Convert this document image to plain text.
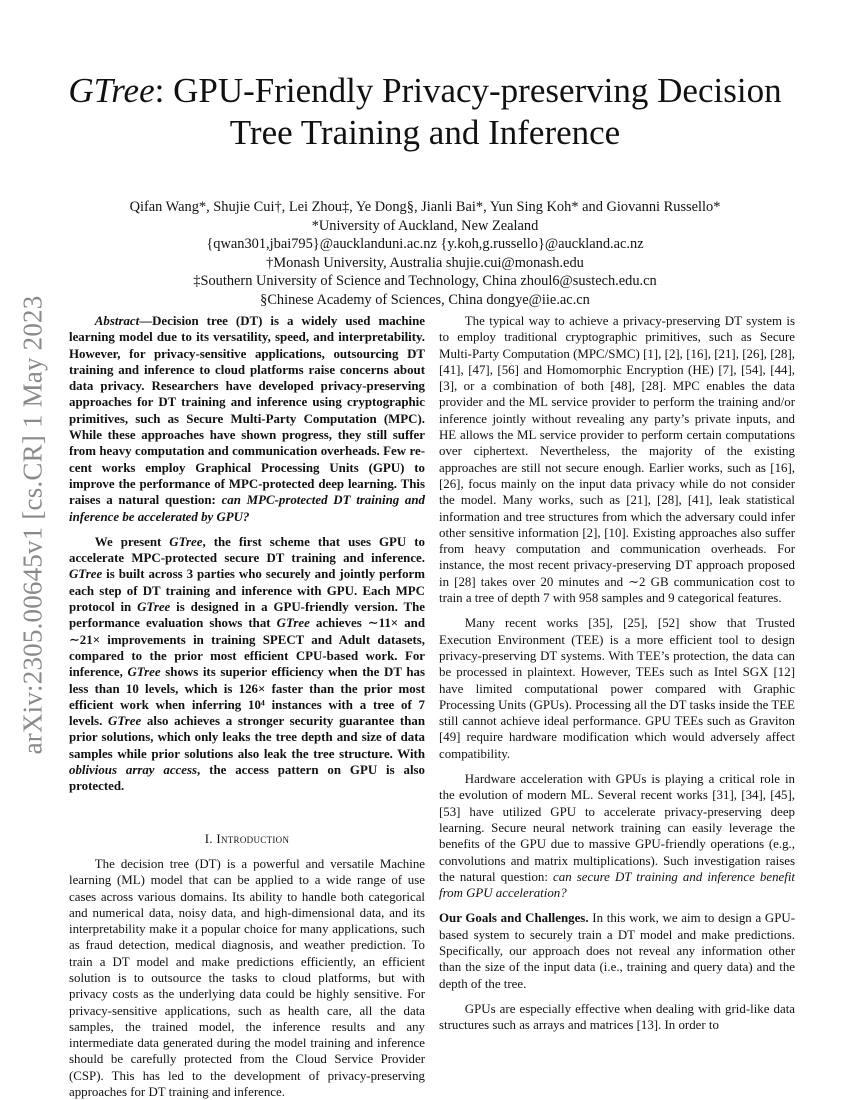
GTree: GPU-Friendly Privacy-preserving Decision
Tree Training and Inference
Qifan Wang*, Shujie Cui†, Lei Zhou‡, Ye Dong§, Jianli Bai*, Yun Sing Koh* and Giovanni Russello*
*University of Auckland, New Zealand
{qwan301,jbai795}@aucklanduni.ac.nz {y.koh,g.russello}@auckland.ac.nz
†Monash University, Australia shujie.cui@monash.edu
‡Southern University of Science and Technology, China zhoul6@sustech.edu.cn
§Chinese Academy of Sciences, China dongye@iie.ac.cn
arXiv:2305.00645v1 [cs.CR] 1 May 2023	Abstract—Decision tree (DT) is a widely used machine learning model due to its versatility, speed, and interpretability. However, for privacy-sensitive applications, outsourcing DT training and inference to cloud platforms raise concerns about data privacy. Researchers have developed privacy-preserving approaches for DT training and inference using cryptographic primitives, such as Secure Multi-Party Computation (MPC). While these approaches have shown progress, they still suffer from heavy computation and communication overheads. Few recent works employ Graphical Processing Units (GPU) to improve the performance of MPC-protected deep learning. This raises a natural question: can MPC-protected DT training and inference be accelerated by GPU?

We present GTree, the first scheme that uses GPU to accelerate MPC-protected secure DT training and inference. GTree is built across 3 parties who securely and jointly perform each step of DT training and inference with GPU. Each MPC protocol in GTree is designed in a GPU-friendly version. The performance evaluation shows that GTree achieves ∼11× and ∼21× improvements in training SPECT and Adult datasets, compared to the prior most efficient CPU-based work. For inference, GTree shows its superior efficiency when the DT has less than 10 levels, which is 126× faster than the prior most efficient work when inferring 10⁴ instances with a tree of 7 levels. GTree also achieves a stronger security guarantee than prior solutions, which only leaks the tree depth and size of data samples while prior solutions also leak the tree structure. With oblivious array access, the access pattern on GPU is also protected.

I. Introduction

The decision tree (DT) is a powerful and versatile Machine learning (ML) model that can be applied to a wide range of use cases across various domains. Its ability to handle both categorical and numerical data, noisy data, and high-dimensional data, and its interpretability make it a popular choice for many applications, such as fraud detection, medical diagnosis, and weather prediction. To train a DT model and make predictions efficiently, an efficient solution is to outsource the tasks to cloud platforms, but with privacy costs as the underlying data could be highly sensitive. For privacy-sensitive applications, such as health care, all the data samples, the trained model, the inference results and any intermediate data generated during the model training and inference should be carefully protected from the Cloud Service Provider (CSP). This has led to the development of privacy-preserving approaches for DT training and inference.

The typical way to achieve a privacy-preserving DT system is to employ traditional cryptographic primitives, such as Secure Multi-Party Computation (MPC/SMC) [1], [2], [16], [21], [26], [28], [41], [47], [56] and Homomorphic Encryption (HE) [7], [54], [44], [3], or a combination of both [48], [28]. MPC enables the data provider and the ML service provider to perform the training and/or inference jointly without revealing any party’s private inputs, and HE allows the ML service provider to perform certain computations over ciphertext. Nevertheless, the majority of the existing approaches are still not secure enough. Earlier works, such as [16], [26], focus mainly on the input data privacy while do not consider the model. Many works, such as [21], [28], [41], leak statistical information and tree structures from which the adversary could infer other sensitive information [2], [10]. Existing approaches also suffer from heavy computation and communication overheads. For instance, the most recent privacy-preserving DT approach proposed in [28] takes over 20 minutes and ∼2 GB communication cost to train a tree of depth 7 with 958 samples and 9 categorical features.

Many recent works [35], [25], [52] show that Trusted Execution Environment (TEE) is a more efficient tool to design privacy-preserving DT systems. With TEE’s protection, the data can be processed in plaintext. However, TEEs such as Intel SGX [12] have limited computational power compared with Graphic Processing Units (GPUs). Processing all the DT tasks inside the TEE still cannot achieve ideal performance. GPU TEEs such as Graviton [49] require hardware modification which would adversely affect compatibility.

Hardware acceleration with GPUs is playing a critical role in the evolution of modern ML. Several recent works [31], [34], [45], [53] have utilized GPU to accelerate privacy-preserving deep learning. Secure neural network training can easily leverage the benefits of the GPU due to massive GPU-friendly operations (e.g., convolutions and matrix multiplications). Such investigation raises the natural question: can secure DT training and inference benefit from GPU acceleration?

Our Goals and Challenges. In this work, we aim to design a GPU-based system to securely train a DT model and make predictions. Specifically, our approach does not reveal any information other than the size of the input data (i.e., training and query data) and the depth of the tree.

GPUs are especially effective when dealing with grid-like data structures such as arrays and matrices [13]. In order to
